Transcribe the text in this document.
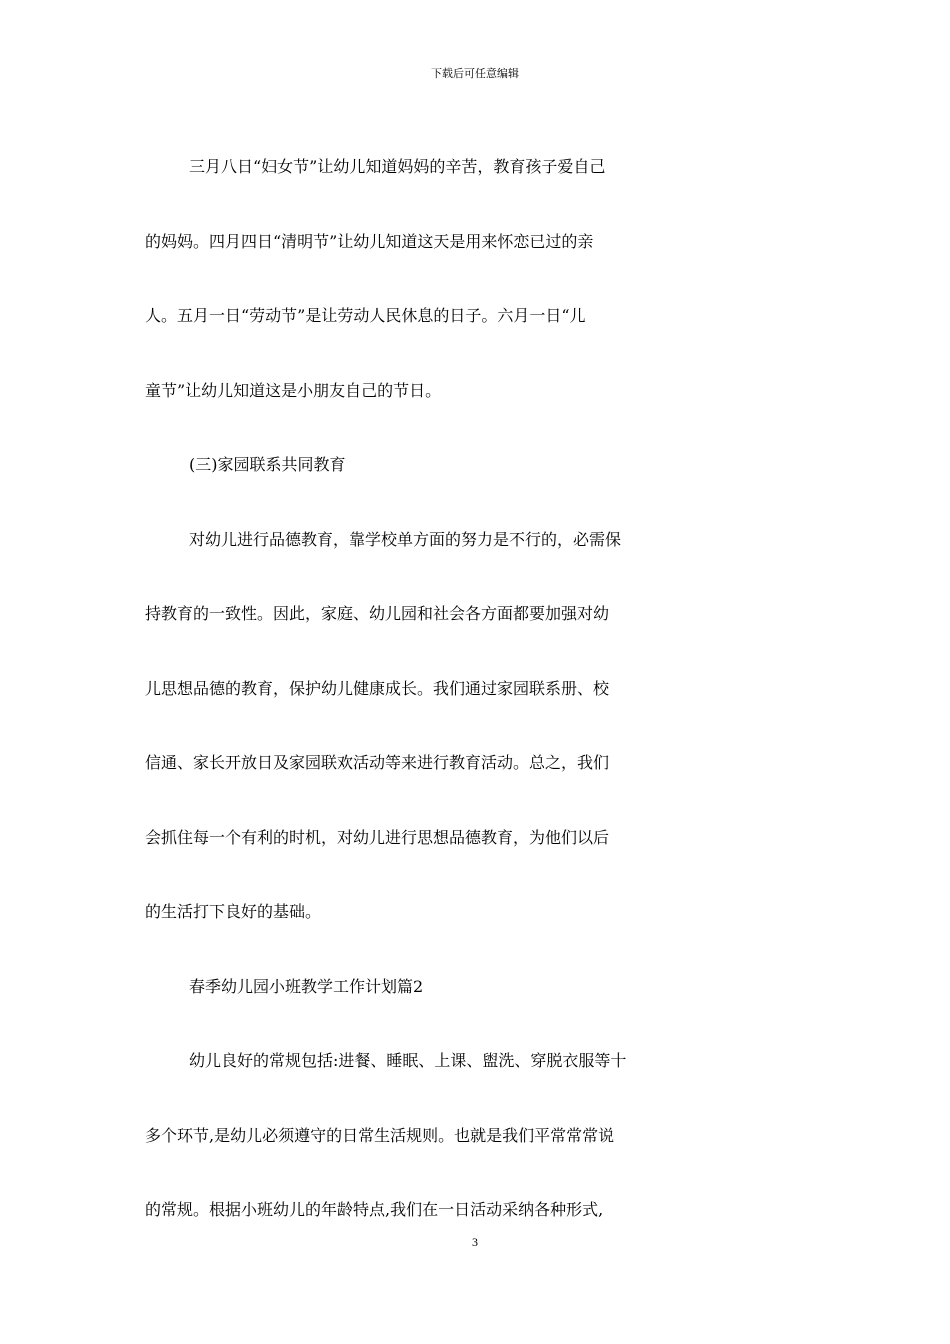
下载后可任意编辑
三月八日“妇女节”让幼儿知道妈妈的辛苦，教育孩子爱自己
的妈妈。四月四日“清明节”让幼儿知道这天是用来怀恋已过的亲
人。五月一日“劳动节”是让劳动人民休息的日子。六月一日“儿
童节”让幼儿知道这是小朋友自己的节日。
(三)家园联系共同教育
对幼儿进行品德教育，靠学校单方面的努力是不行的，必需保
持教育的一致性。因此，家庭、幼儿园和社会各方面都要加强对幼
儿思想品德的教育，保护幼儿健康成长。我们通过家园联系册、校
信通、家长开放日及家园联欢活动等来进行教育活动。总之，我们
会抓住每一个有利的时机，对幼儿进行思想品德教育，为他们以后
的生活打下良好的基础。
春季幼儿园小班教学工作计划篇2
幼儿良好的常规包括:进餐、睡眠、上课、盥洗、穿脱衣服等十
多个环节,是幼儿必须遵守的日常生活规则。也就是我们平常常常说
的常规。根据小班幼儿的年龄特点,我们在一日活动采纳各种形式,
3
